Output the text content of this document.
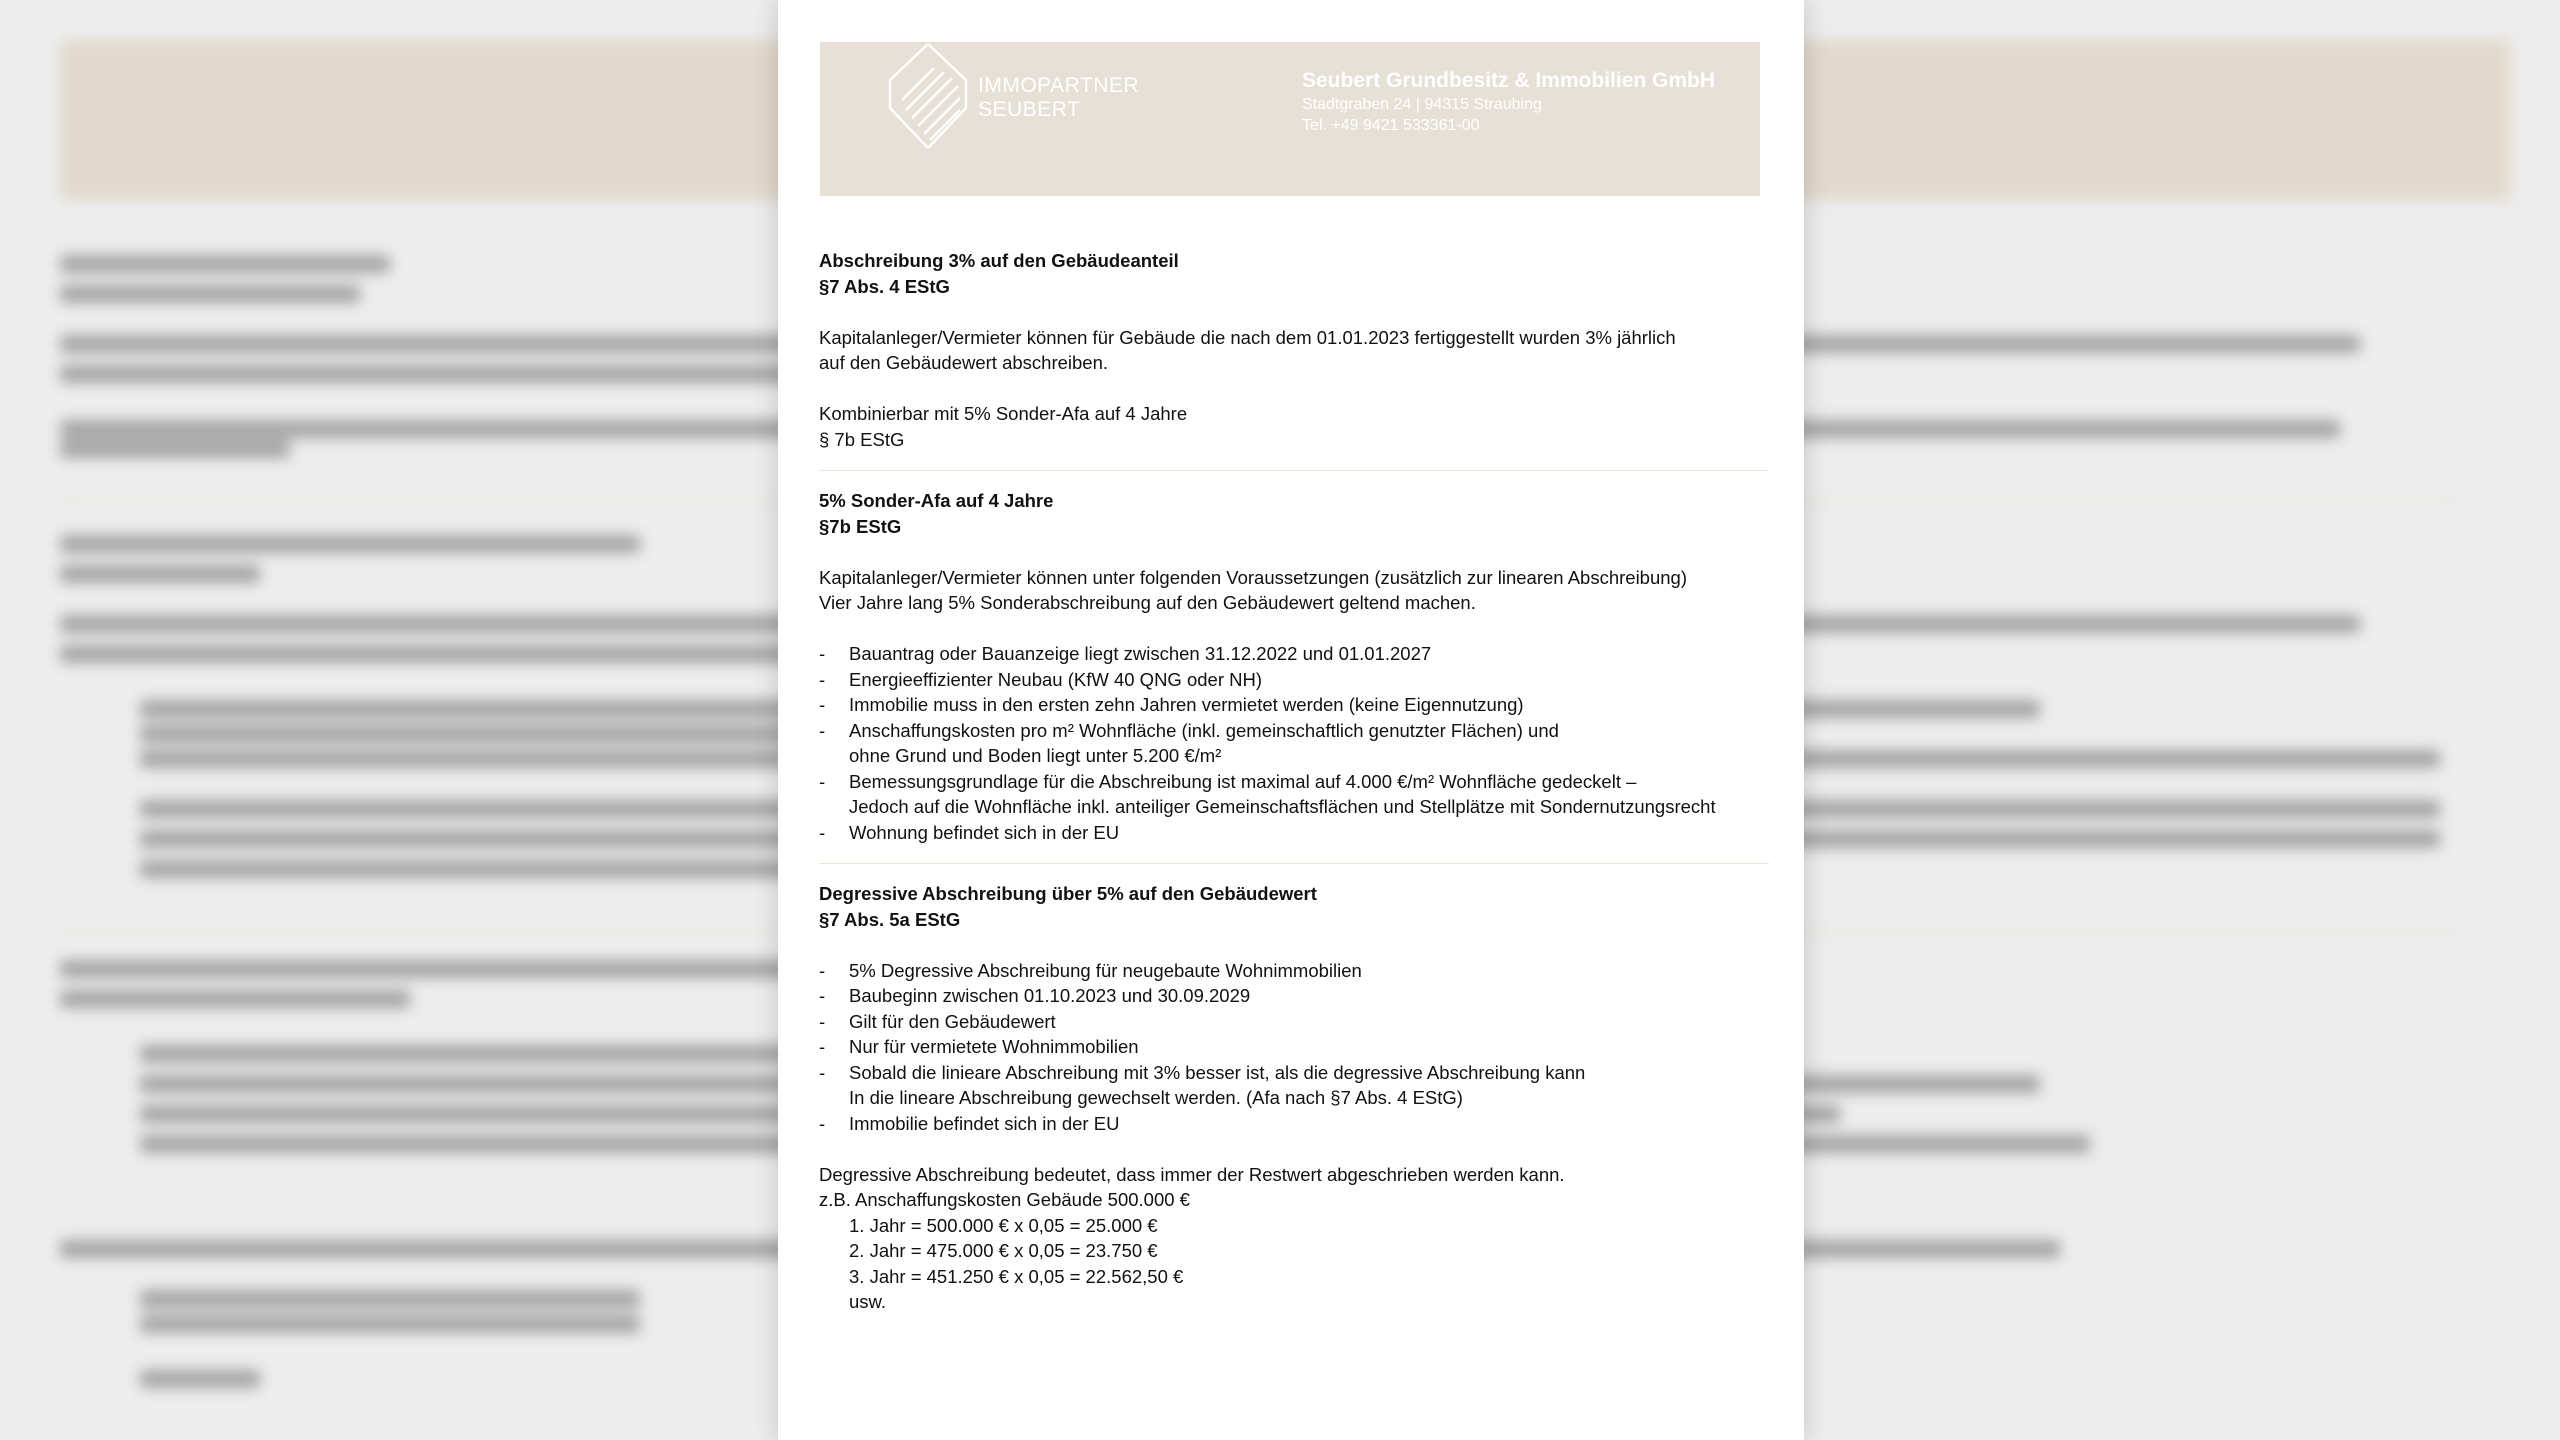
IMMOPARTNER
SEUBERT
Seubert Grundbesitz & Immobilien GmbH
Stadtgraben 24 | 94315 Straubing
Tel. +49 9421 533361-00

Abschreibung 3% auf den Gebäudeanteil

§7 Abs. 4 EStG

Kapitalanleger/Vermieter können für Gebäude die nach dem 01.01.2023 fertiggestellt wurden 3% jährlich

auf den Gebäudewert abschreiben.

Kombinierbar mit 5% Sonder-Afa auf 4 Jahre

§ 7b EStG

5% Sonder-Afa auf 4 Jahre

§7b EStG

Kapitalanleger/Vermieter können unter folgenden Voraussetzungen (zusätzlich zur linearen Abschreibung)

Vier Jahre lang 5% Sonderabschreibung auf den Gebäudewert geltend machen.

- Bauantrag oder Bauanzeige liegt zwischen 31.12.2022 und 01.01.2027
- Energieeffizienter Neubau (KfW 40 QNG oder NH)
- Immobilie muss in den ersten zehn Jahren vermietet werden (keine Eigennutzung)
- Anschaffungskosten pro m² Wohnfläche (inkl. gemeinschaftlich genutzter Flächen) und
ohne Grund und Boden liegt unter 5.200 €/m²
- Bemessungsgrundlage für die Abschreibung ist maximal auf 4.000 €/m² Wohnfläche gedeckelt –
Jedoch auf die Wohnfläche inkl. anteiliger Gemeinschaftsflächen und Stellplätze mit Sondernutzungsrecht
- Wohnung befindet sich in der EU

Degressive Abschreibung über 5% auf den Gebäudewert

§7 Abs. 5a EStG

- 5% Degressive Abschreibung für neugebaute Wohnimmobilien
- Baubeginn zwischen 01.10.2023 und 30.09.2029
- Gilt für den Gebäudewert
- Nur für vermietete Wohnimmobilien
- Sobald die linieare Abschreibung mit 3% besser ist, als die degressive Abschreibung kann
In die lineare Abschreibung gewechselt werden. (Afa nach §7 Abs. 4 EStG)
- Immobilie befindet sich in der EU

Degressive Abschreibung bedeutet, dass immer der Restwert abgeschrieben werden kann.

z.B. Anschaffungskosten Gebäude 500.000 €

1. Jahr = 500.000 € x 0,05 = 25.000 €

2. Jahr = 475.000 € x 0,05 = 23.750 €

3. Jahr = 451.250 € x 0,05 = 22.562,50 €

usw.
